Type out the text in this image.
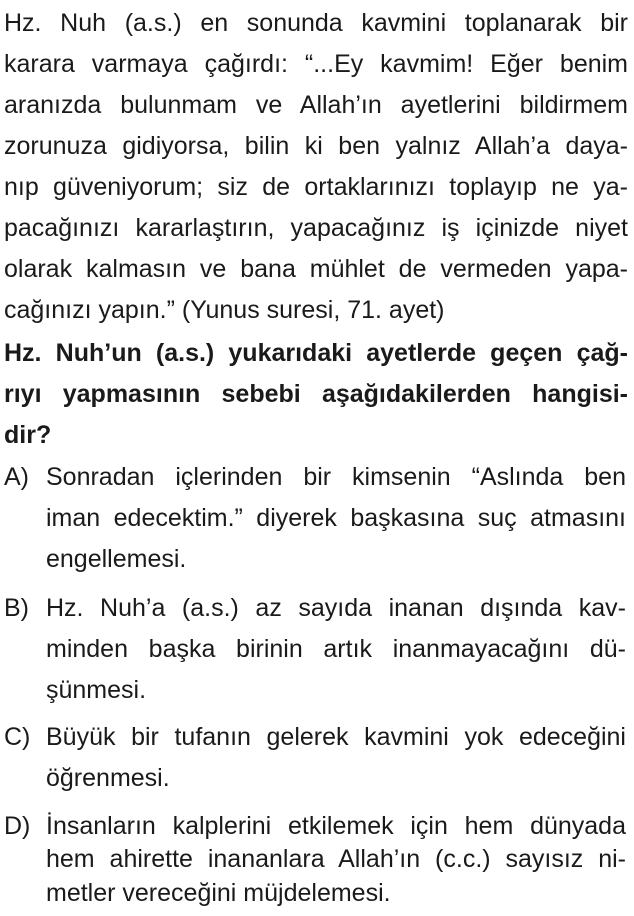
Hz. Nuh (a.s.) en sonunda kavmini toplanarak bir
karara varmaya çağırdı: “...Ey kavmim! Eğer benim
aranızda bulunmam ve Allah’ın ayetlerini bildirmem
zorunuza gidiyorsa, bilin ki ben yalnız Allah’a daya-
nıp güveniyorum; siz de ortaklarınızı toplayıp ne ya-
pacağınızı kararlaştırın, yapacağınız iş içinizde niyet
olarak kalmasın ve bana mühlet de vermeden yapa-
cağınızı yapın.” (Yunus suresi, 71. ayet)
Hz. Nuh’un (a.s.) yukarıdaki ayetlerde geçen çağ-
rıyı yapmasının sebebi aşağıdakilerden hangisi-
dir?
A) Sonradan içlerinden bir kimsenin “Aslında ben
iman edecektim.” diyerek başkasına suç atmasını
engellemesi.
B) Hz. Nuh’a (a.s.) az sayıda inanan dışında kav-
minden başka birinin artık inanmayacağını dü-
şünmesi.
C) Büyük bir tufanın gelerek kavmini yok edeceğini
öğrenmesi.
D) İnsanların kalplerini etkilemek için hem dünyada
hem ahirette inananlara Allah’ın (c.c.) sayısız ni-
metler vereceğini müjdelemesi.
